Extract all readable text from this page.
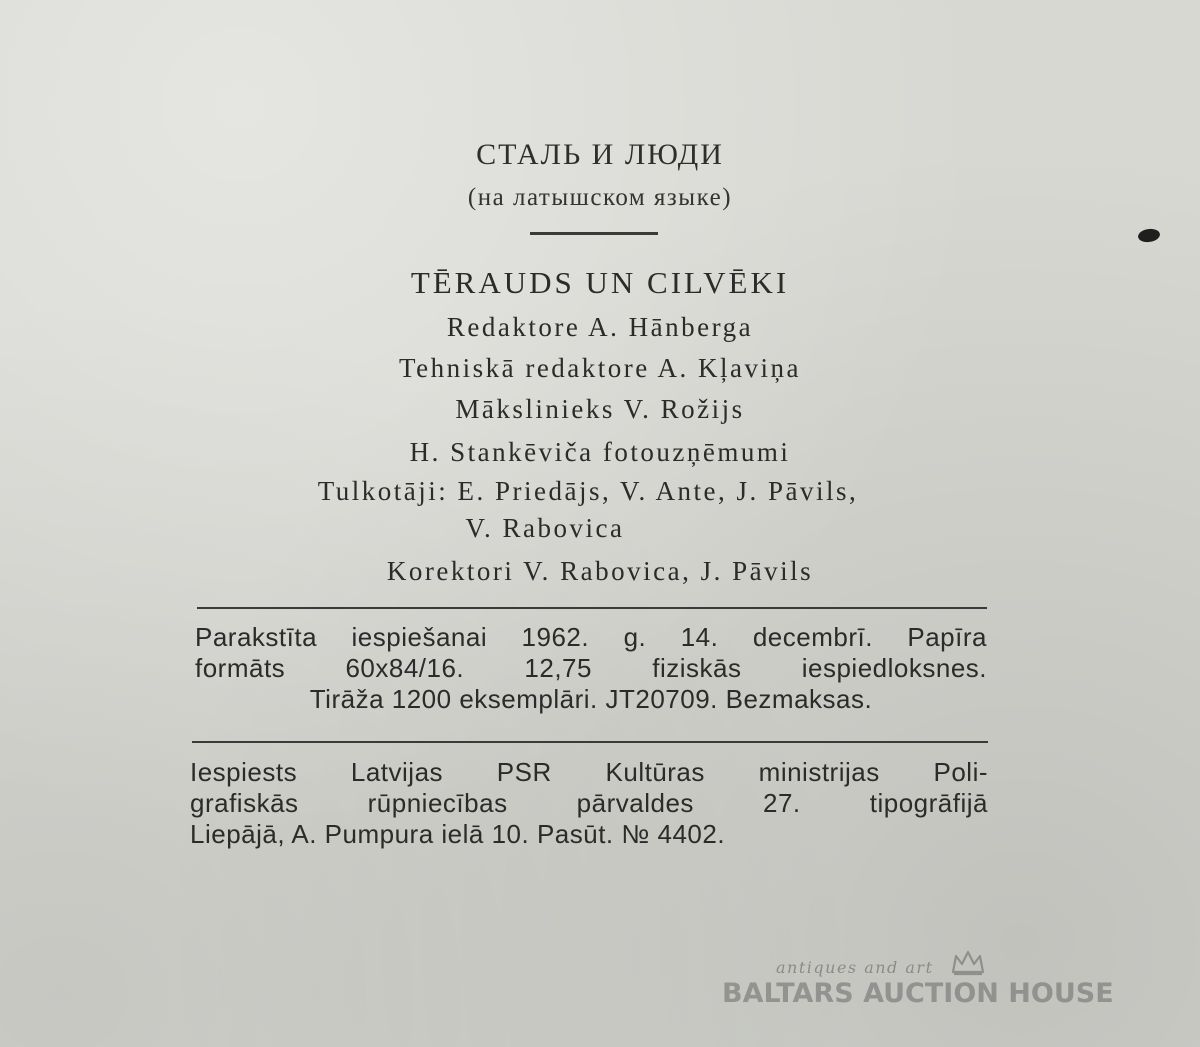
СТАЛЬ И ЛЮДИ
(на латышском языке)
TĒRAUDS UN CILVĒKI
Redaktore A. Hānberga
Tehniskā redaktore A. Kļaviņa
Mākslinieks V. Rožijs
H. Stankēviča fotouzņēmumi
Tulkotāji: E. Priedājs, V. Ante, J. Pāvils,
V. Rabovica
Korektori V. Rabovica, J. Pāvils
Parakstīta iespiešanai 1962. g. 14. decembrī. Papīra
formāts 60x84/16. 12,75 fiziskās iespiedloksnes.
Tirāža 1200 eksemplāri. JT20709. Bezmaksas.
Iespiests Latvijas PSR Kultūras ministrijas Poli-
grafiskās rūpniecības pārvaldes 27. tipogrāfijā
Liepājā, A. Pumpura ielā 10. Pasūt. № 4402.
antiques and art
BALTARS AUCTION HOUSE
